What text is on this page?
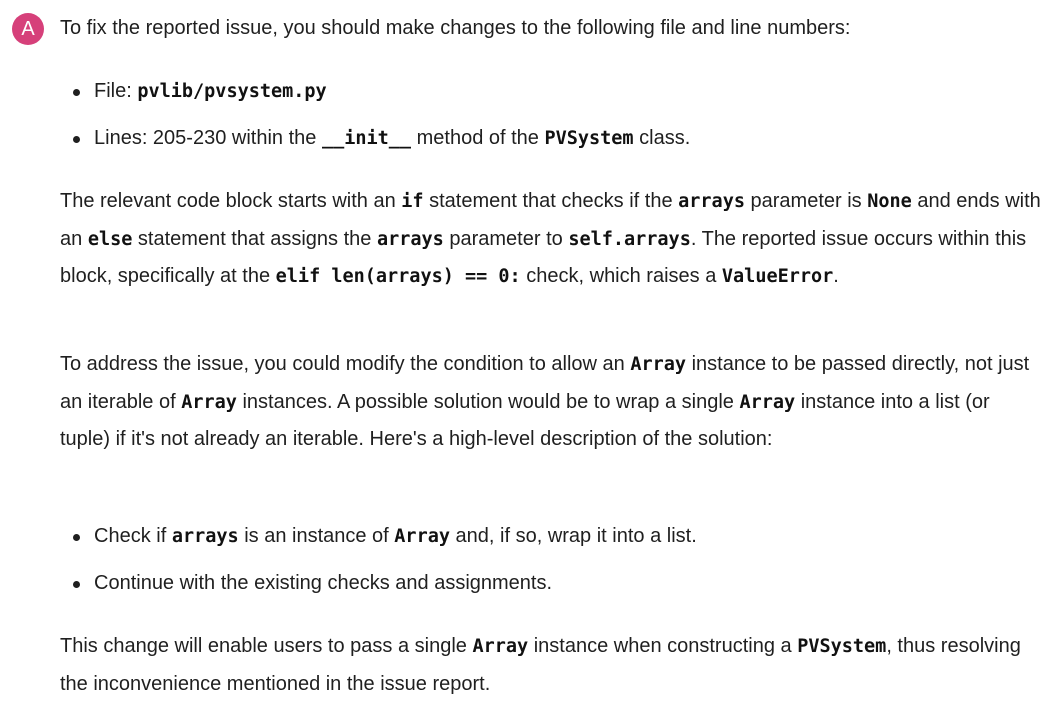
A	To fix the reported issue, you should make changes to the following file and line numbers:
File: pvlib/pvsystem.py
Lines: 205-230 within the __init__ method of the PVSystem class.

The relevant code block starts with an if statement that checks if the arrays parameter is None and ends with an else statement that assigns the arrays parameter to self.arrays. The reported issue occurs within this block, specifically at the elif len(arrays) == 0: check, which raises a ValueError.

To address the issue, you could modify the condition to allow an Array instance to be passed directly, not just an iterable of Array instances. A possible solution would be to wrap a single Array instance into a list (or tuple) if it's not already an iterable. Here's a high-level description of the solution:

Check if arrays is an instance of Array and, if so, wrap it into a list.
Continue with the existing checks and assignments.

This change will enable users to pass a single Array instance when constructing a PVSystem, thus resolving the inconvenience mentioned in the issue report.
